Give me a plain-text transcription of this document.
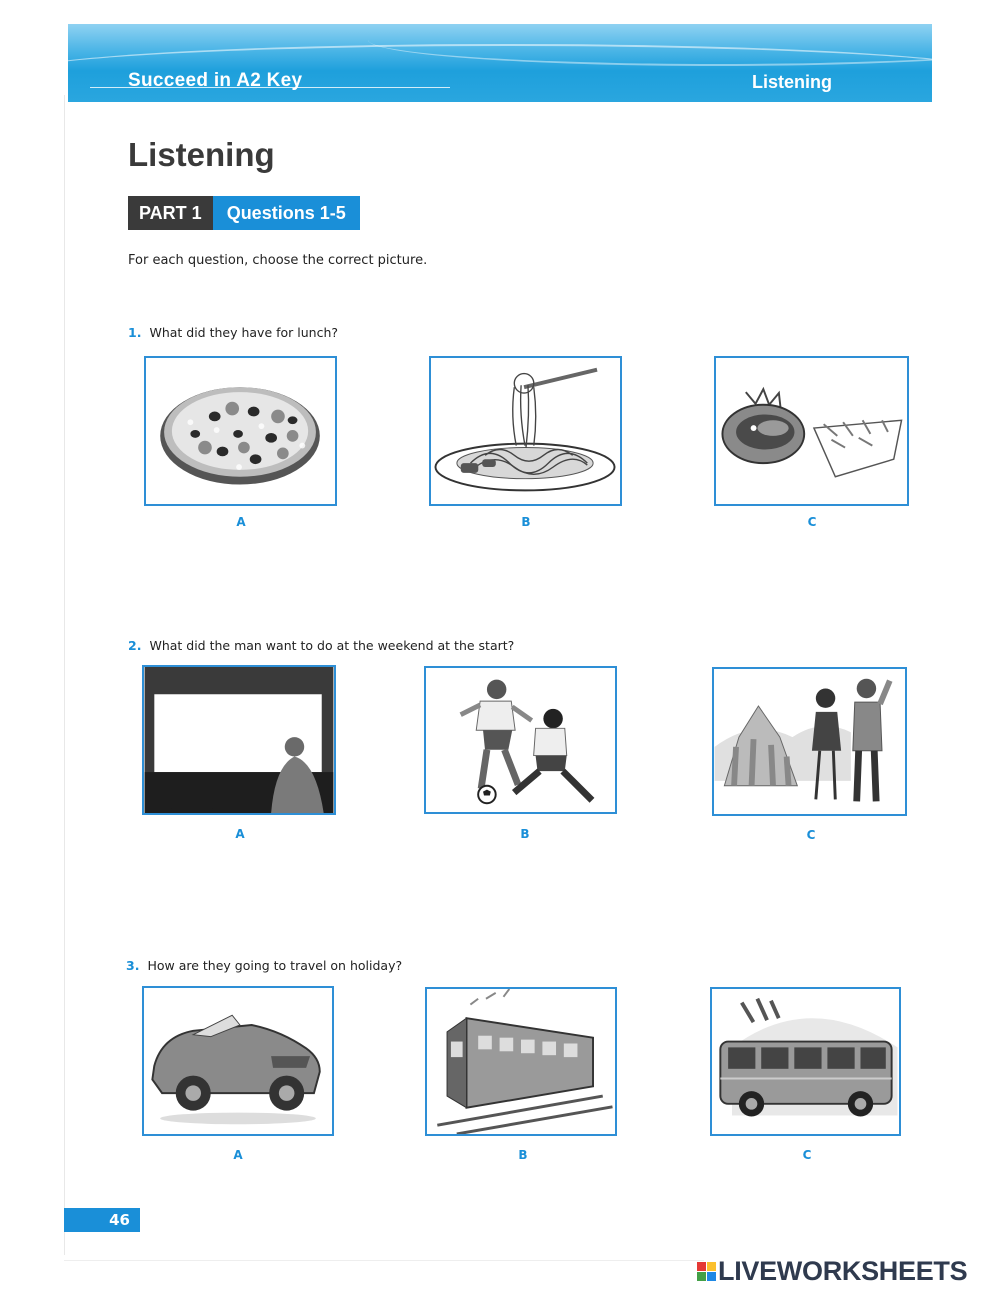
Succeed in A2 Key	Listening
Listening
PART 1	Questions 1-5
For each question, choose the correct picture.
1. What did they have for lunch?
A	B	C
2. What did the man want to do at the weekend at the start?
A	B	C
3. How are they going to travel on holiday?
A	B	C
46
LIVEWORKSHEETS
